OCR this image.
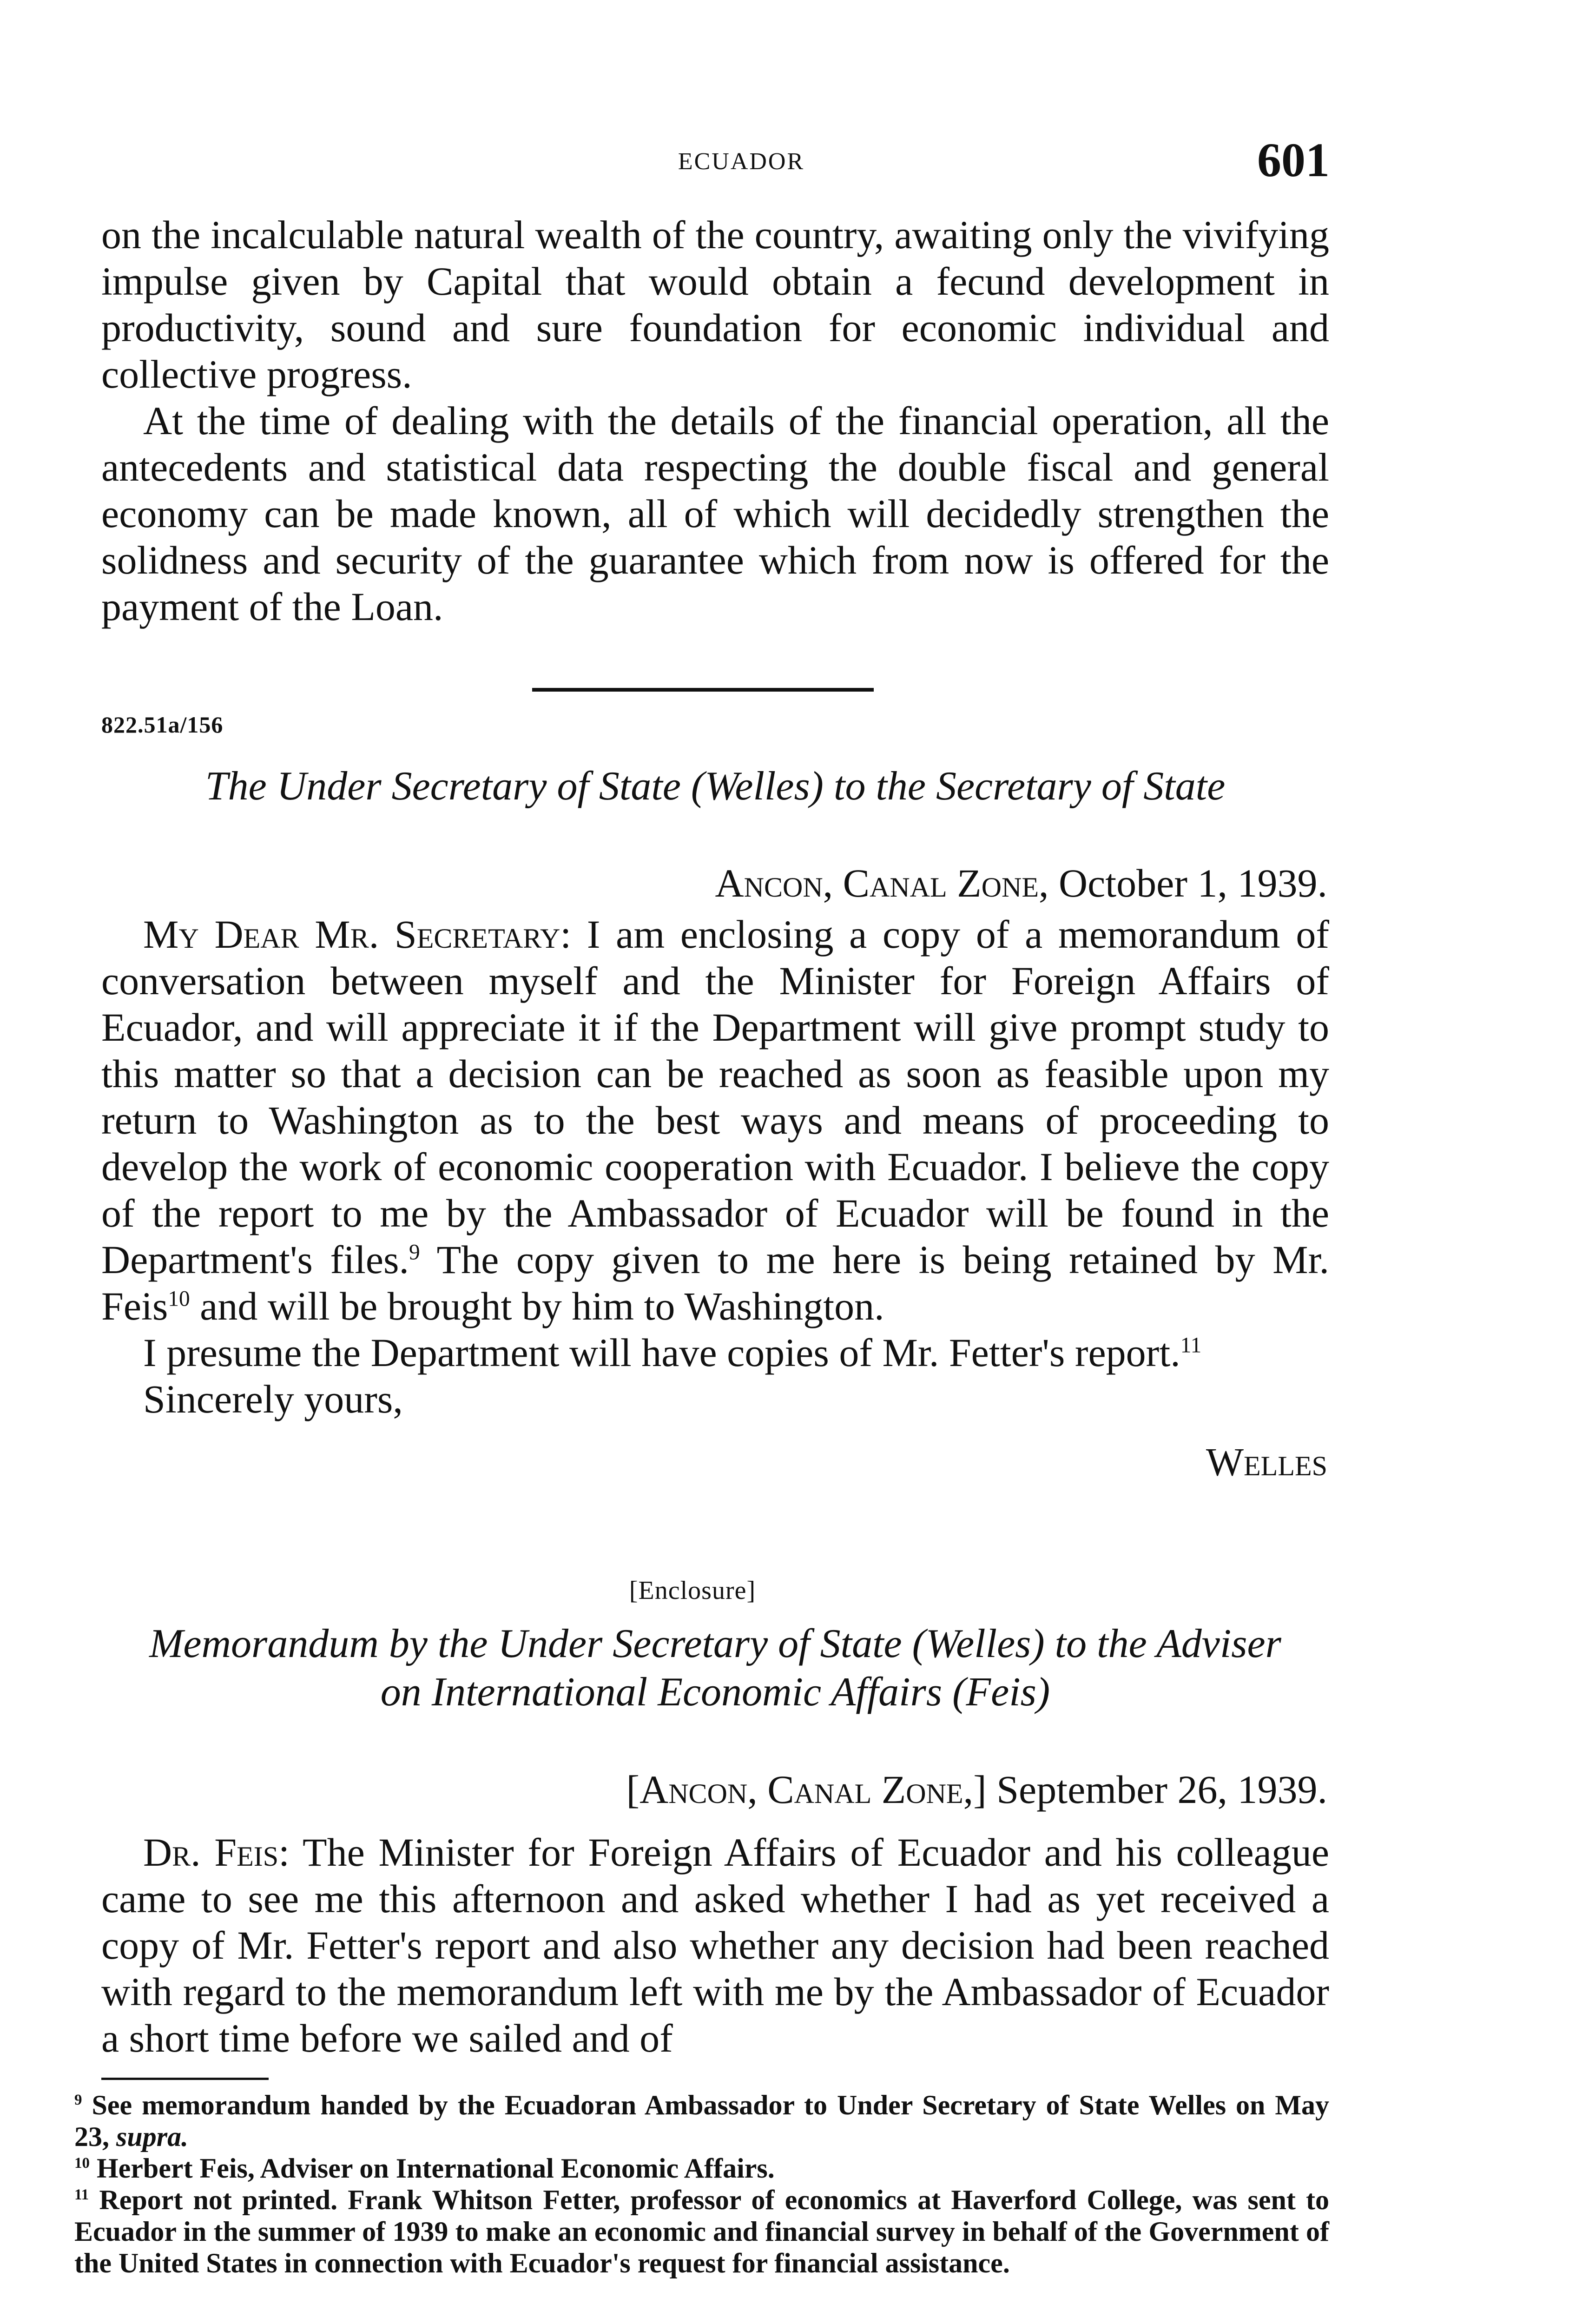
ECUADOR	601

on the incalculable natural wealth of the country, awaiting only the vivifying impulse given by Capital that would obtain a fecund development in productivity, sound and sure foundation for economic individual and collective progress.

At the time of dealing with the details of the financial operation, all the antecedents and statistical data respecting the double fiscal and general economy can be made known, all of which will decidedly strengthen the solidness and security of the guarantee which from now is offered for the payment of the Loan.

822.51a/156
The Under Secretary of State (Welles) to the Secretary of State
Ancon, Canal Zone, October 1, 1939.

My Dear Mr. Secretary: I am enclosing a copy of a memorandum of conversation between myself and the Minister for Foreign Affairs of Ecuador, and will appreciate it if the Department will give prompt study to this matter so that a decision can be reached as soon as feasible upon my return to Washington as to the best ways and means of proceeding to develop the work of economic cooperation with Ecuador. I believe the copy of the report to me by the Ambassador of Ecuador will be found in the Department's files.$^9$ The copy given to me here is being retained by Mr. Feis$^{10}$ and will be brought by him to Washington.

I presume the Department will have copies of Mr. Fetter's report.$^{11}$

Sincerely yours,

Welles
[Enclosure]
Memorandum by the Under Secretary of State (Welles) to the Adviser on International Economic Affairs (Feis)
[Ancon, Canal Zone,] September 26, 1939.

Dr. Feis: The Minister for Foreign Affairs of Ecuador and his colleague came to see me this afternoon and asked whether I had as yet received a copy of Mr. Fetter's report and also whether any decision had been reached with regard to the memorandum left with me by the Ambassador of Ecuador a short time before we sailed and of

$^9$ See memorandum handed by the Ecuadoran Ambassador to Under Secretary of State Welles on May 23, supra.

$^{10}$ Herbert Feis, Adviser on International Economic Affairs.

$^{11}$ Report not printed. Frank Whitson Fetter, professor of economics at Haverford College, was sent to Ecuador in the summer of 1939 to make an economic and financial survey in behalf of the Government of the United States in connection with Ecuador's request for financial assistance.
